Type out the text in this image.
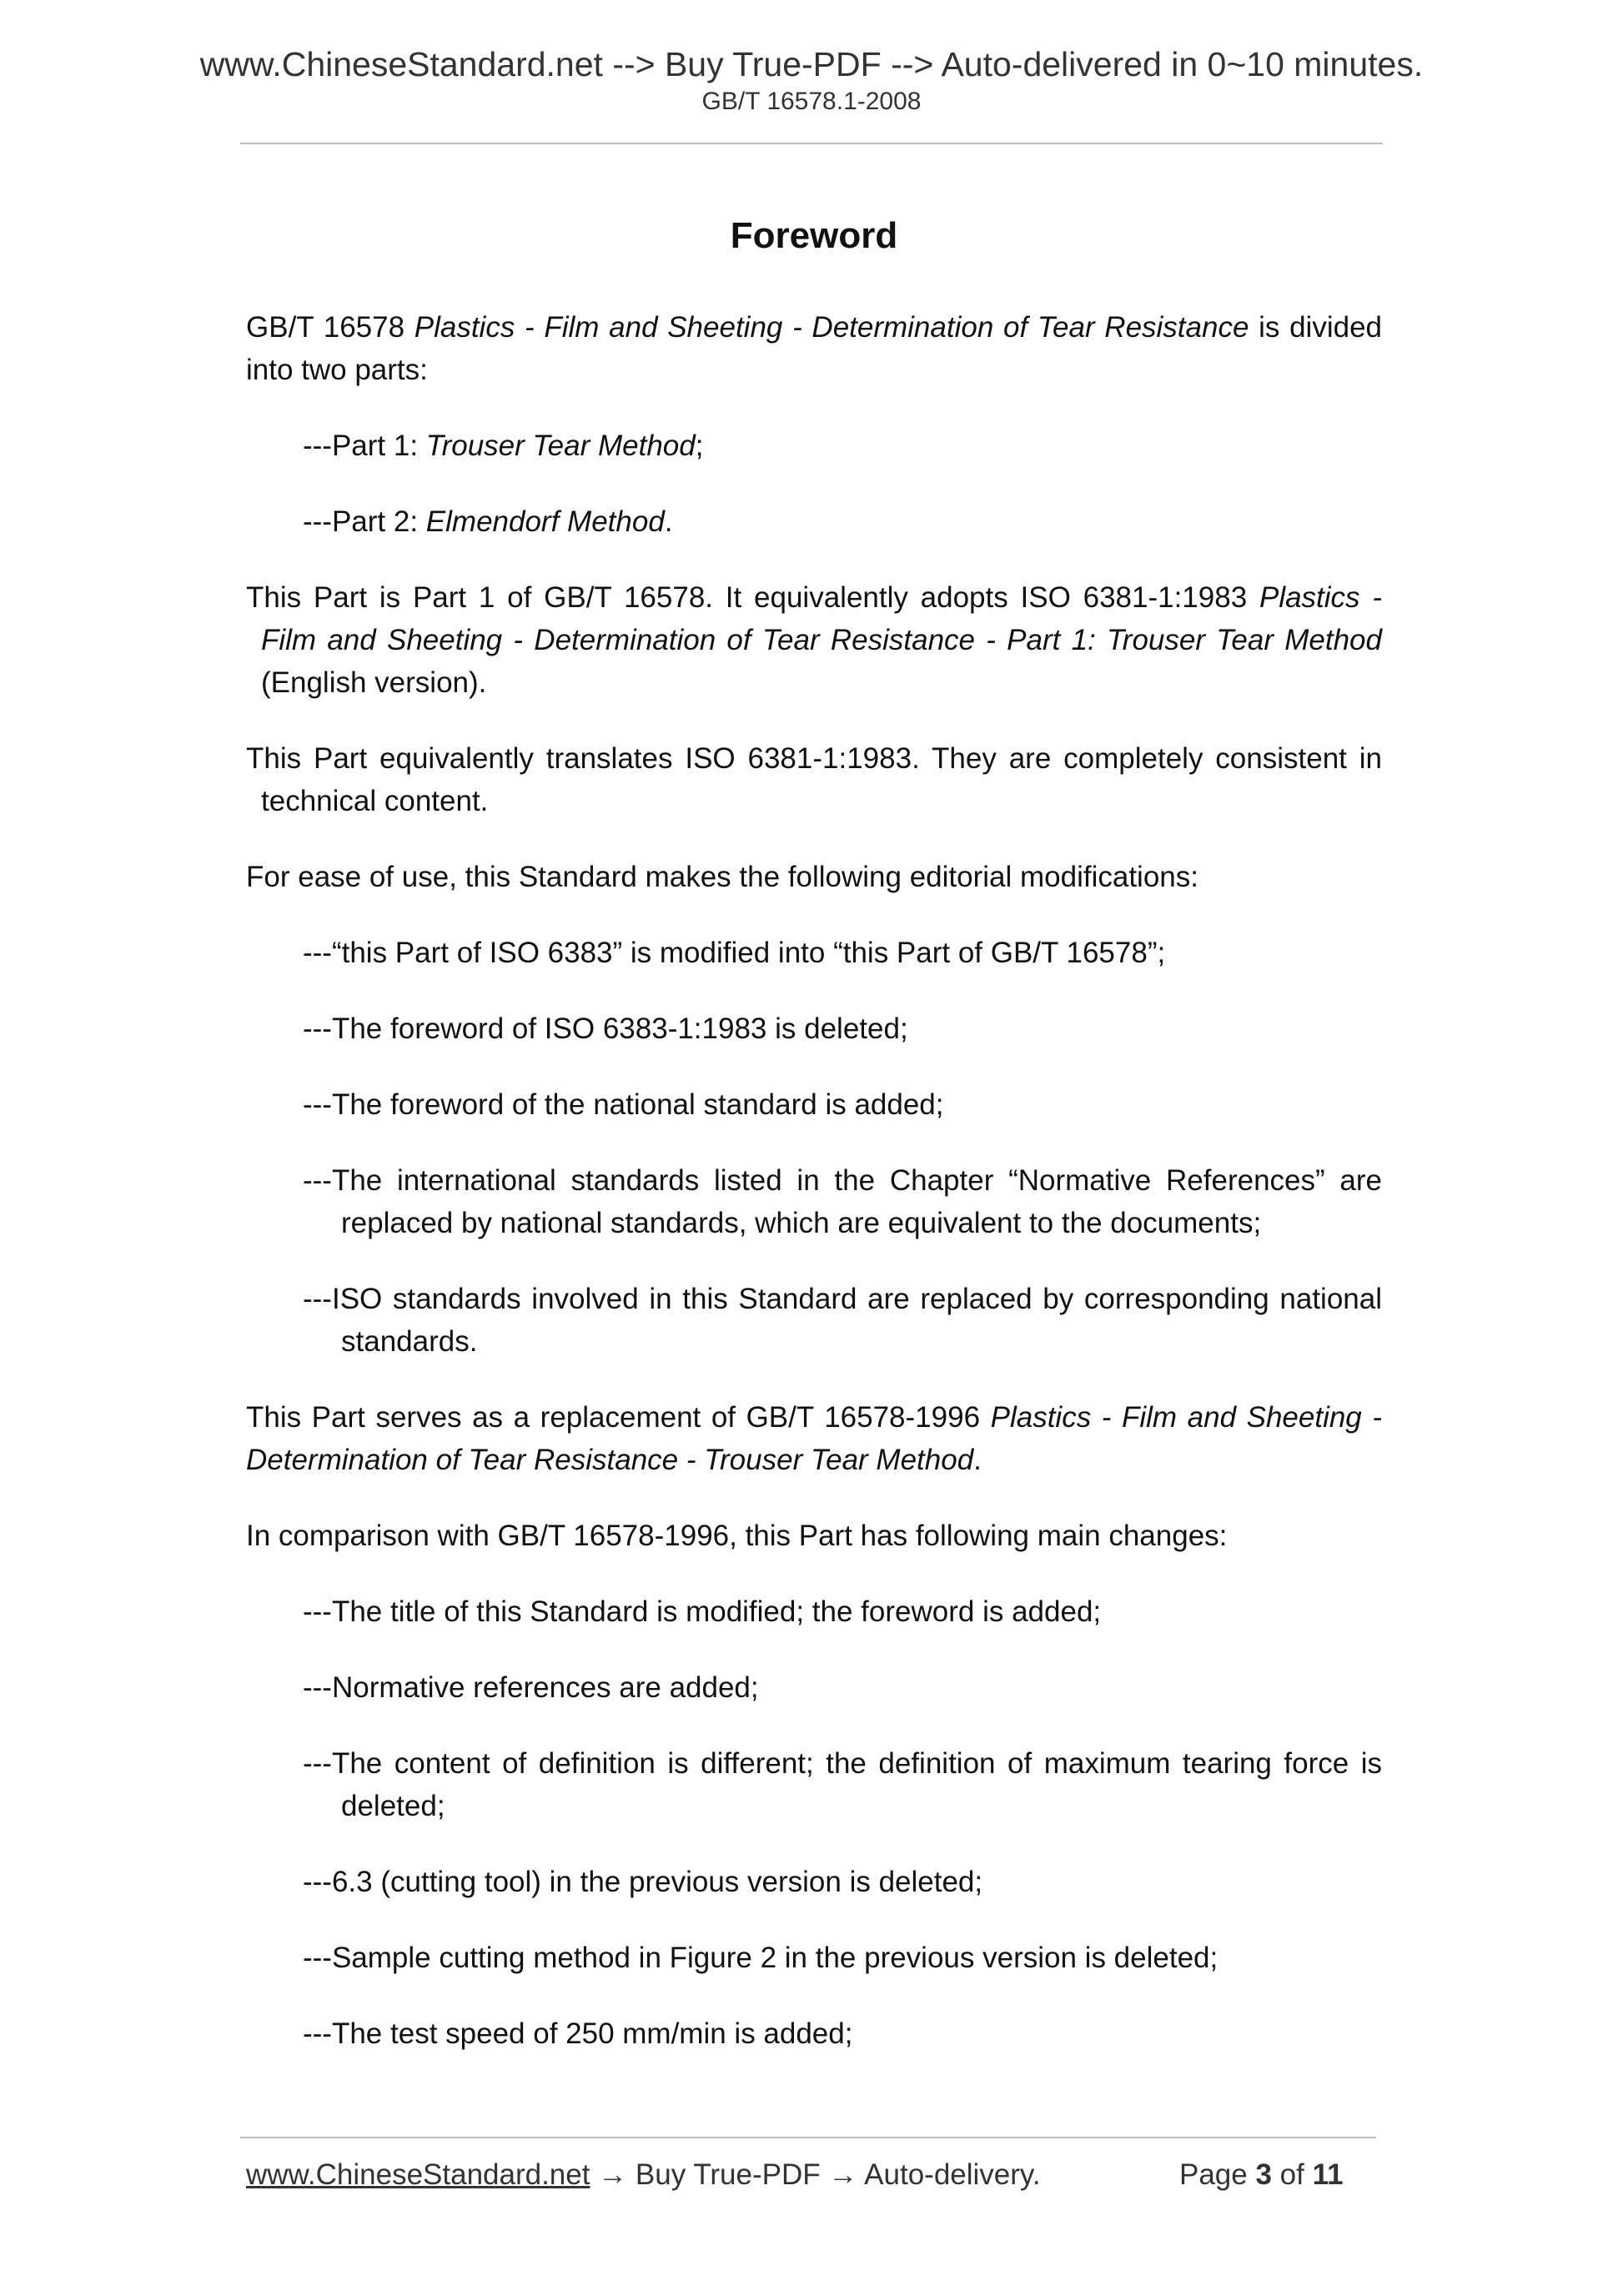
www.ChineseStandard.net --> Buy True-PDF --> Auto-delivered in 0~10 minutes.
GB/T 16578.1-2008
Foreword

GB/T 16578 Plastics - Film and Sheeting - Determination of Tear Resistance is divided into two parts:

---Part 1: Trouser Tear Method;

---Part 2: Elmendorf Method.

This Part is Part 1 of GB/T 16578. It equivalently adopts ISO 6381-1:1983 Plastics - Film and Sheeting - Determination of Tear Resistance - Part 1: Trouser Tear Method (English version).

This Part equivalently translates ISO 6381-1:1983. They are completely consistent in technical content.

For ease of use, this Standard makes the following editorial modifications:

---“this Part of ISO 6383” is modified into “this Part of GB/T 16578”;

---The foreword of ISO 6383-1:1983 is deleted;

---The foreword of the national standard is added;

---The international standards listed in the Chapter “Normative References” are replaced by national standards, which are equivalent to the documents;

---ISO standards involved in this Standard are replaced by corresponding national standards.

This Part serves as a replacement of GB/T 16578-1996 Plastics - Film and Sheeting - Determination of Tear Resistance - Trouser Tear Method.

In comparison with GB/T 16578-1996, this Part has following main changes:

---The title of this Standard is modified; the foreword is added;

---Normative references are added;

---The content of definition is different; the definition of maximum tearing force is deleted;

---6.3 (cutting tool) in the previous version is deleted;

---Sample cutting method in Figure 2 in the previous version is deleted;

---The test speed of 250 mm/min is added;

www.ChineseStandard.net → Buy True-PDF → Auto-delivery.	Page 3 of 11
